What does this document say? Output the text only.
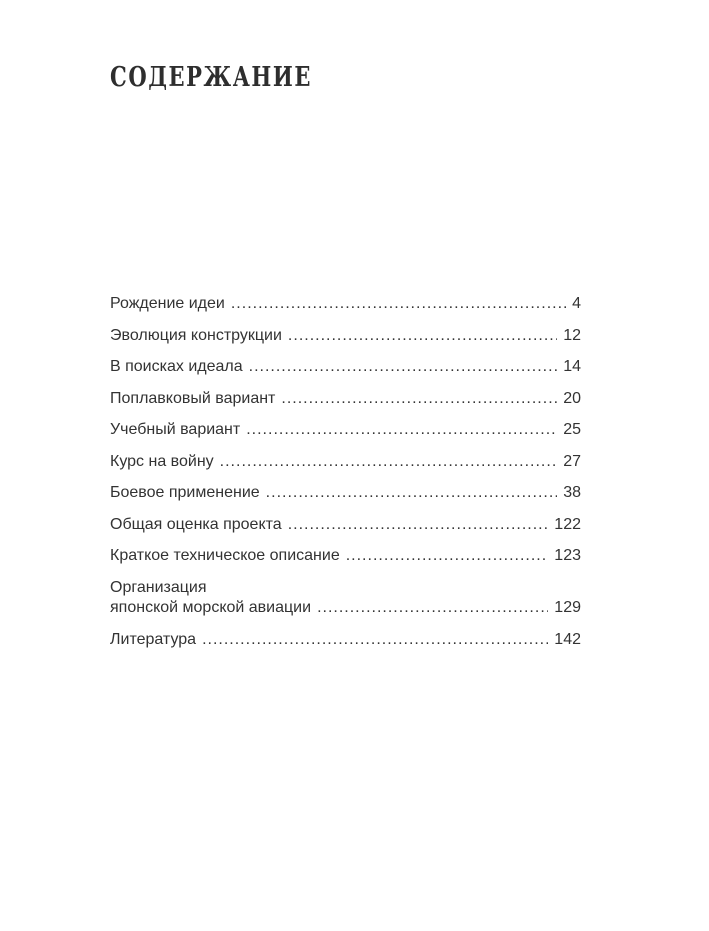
СОДЕРЖАНИЕ
Рождение идеи .....	4
Эволюция конструкции .....	12
В поисках идеала .....	14
Поплавковый вариант .....	20
Учебный вариант .....	25
Курс на войну .....	27
Боевое применение .....	38
Общая оценка проекта .....	122
Краткое техническое описание .....	123
Организация
японской морской авиации .....	129
Литература .....	142
